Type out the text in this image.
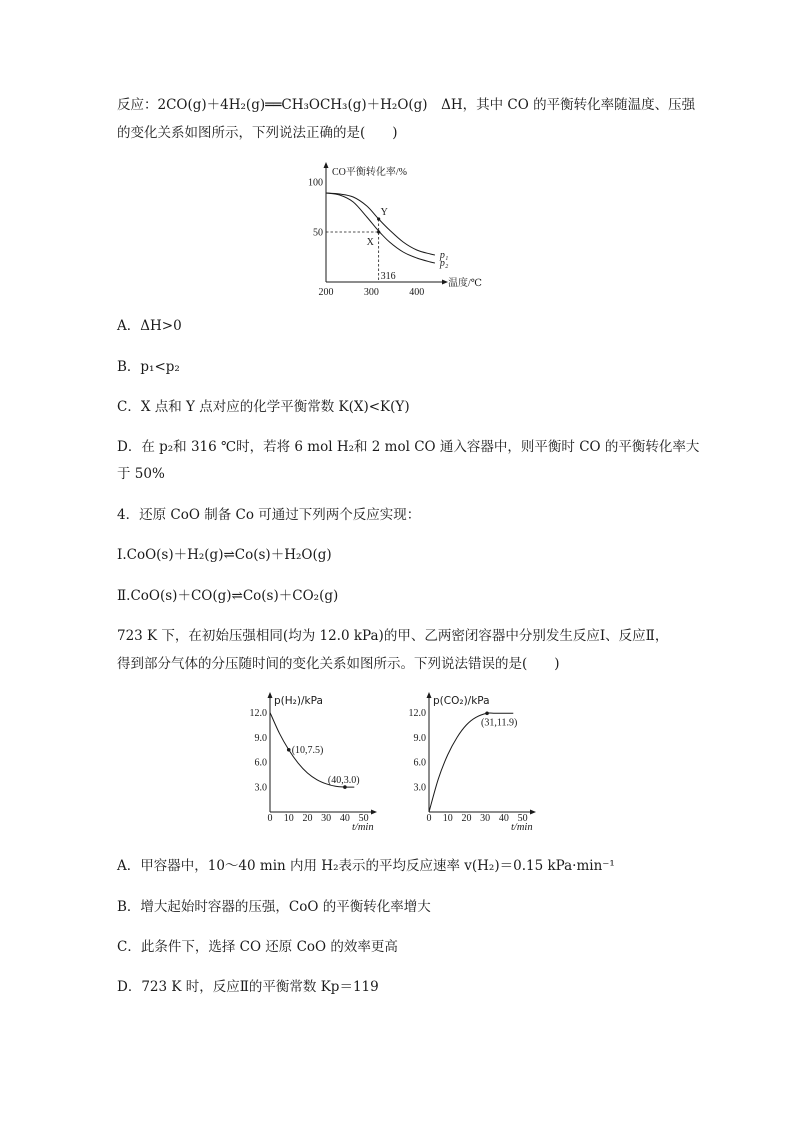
反应：2CO(g)＋4H₂(g)══CH₃OCH₃(g)＋H₂O(g)　ΔH，其中 CO 的平衡转化率随温度、压强
的变化关系如图所示，下列说法正确的是(　　)
CO平衡转化率/%
温度/℃
200	300	400
100
50
316
p₁
p₂
X
Y
A．ΔH>0
B．p₁<p₂
C．X 点和 Y 点对应的化学平衡常数 K(X)<K(Y)
D．在 p₂和 316 ℃时，若将 6 mol H₂和 2 mol CO 通入容器中，则平衡时 CO 的平衡转化率大
于 50%
4．还原 CoO 制备 Co 可通过下列两个反应实现：
Ⅰ.CoO(s)＋H₂(g)⇌Co(s)＋H₂O(g)
Ⅱ.CoO(s)＋CO(g)⇌Co(s)＋CO₂(g)
723 K 下，在初始压强相同(均为 12.0 kPa)的甲、乙两密闭容器中分别发生反应Ⅰ、反应Ⅱ，
得到部分气体的分压随时间的变化关系如图所示。下列说法错误的是(　　)
p(H₂)/kPa
t/min
0 10 20 30 40 50
12.0
9.0
6.0
3.0
(10,7.5)
(40,3.0)
p(CO₂)/kPa
t/min
0 10 20 30 40 50
12.0
9.0
6.0
3.0
(31,11.9)
A．甲容器中，10～40 min 内用 H₂表示的平均反应速率 v(H₂)＝0.15 kPa·min⁻¹
B．增大起始时容器的压强，CoO 的平衡转化率增大
C．此条件下，选择 CO 还原 CoO 的效率更高
D．723 K 时，反应Ⅱ的平衡常数 Kp＝119
